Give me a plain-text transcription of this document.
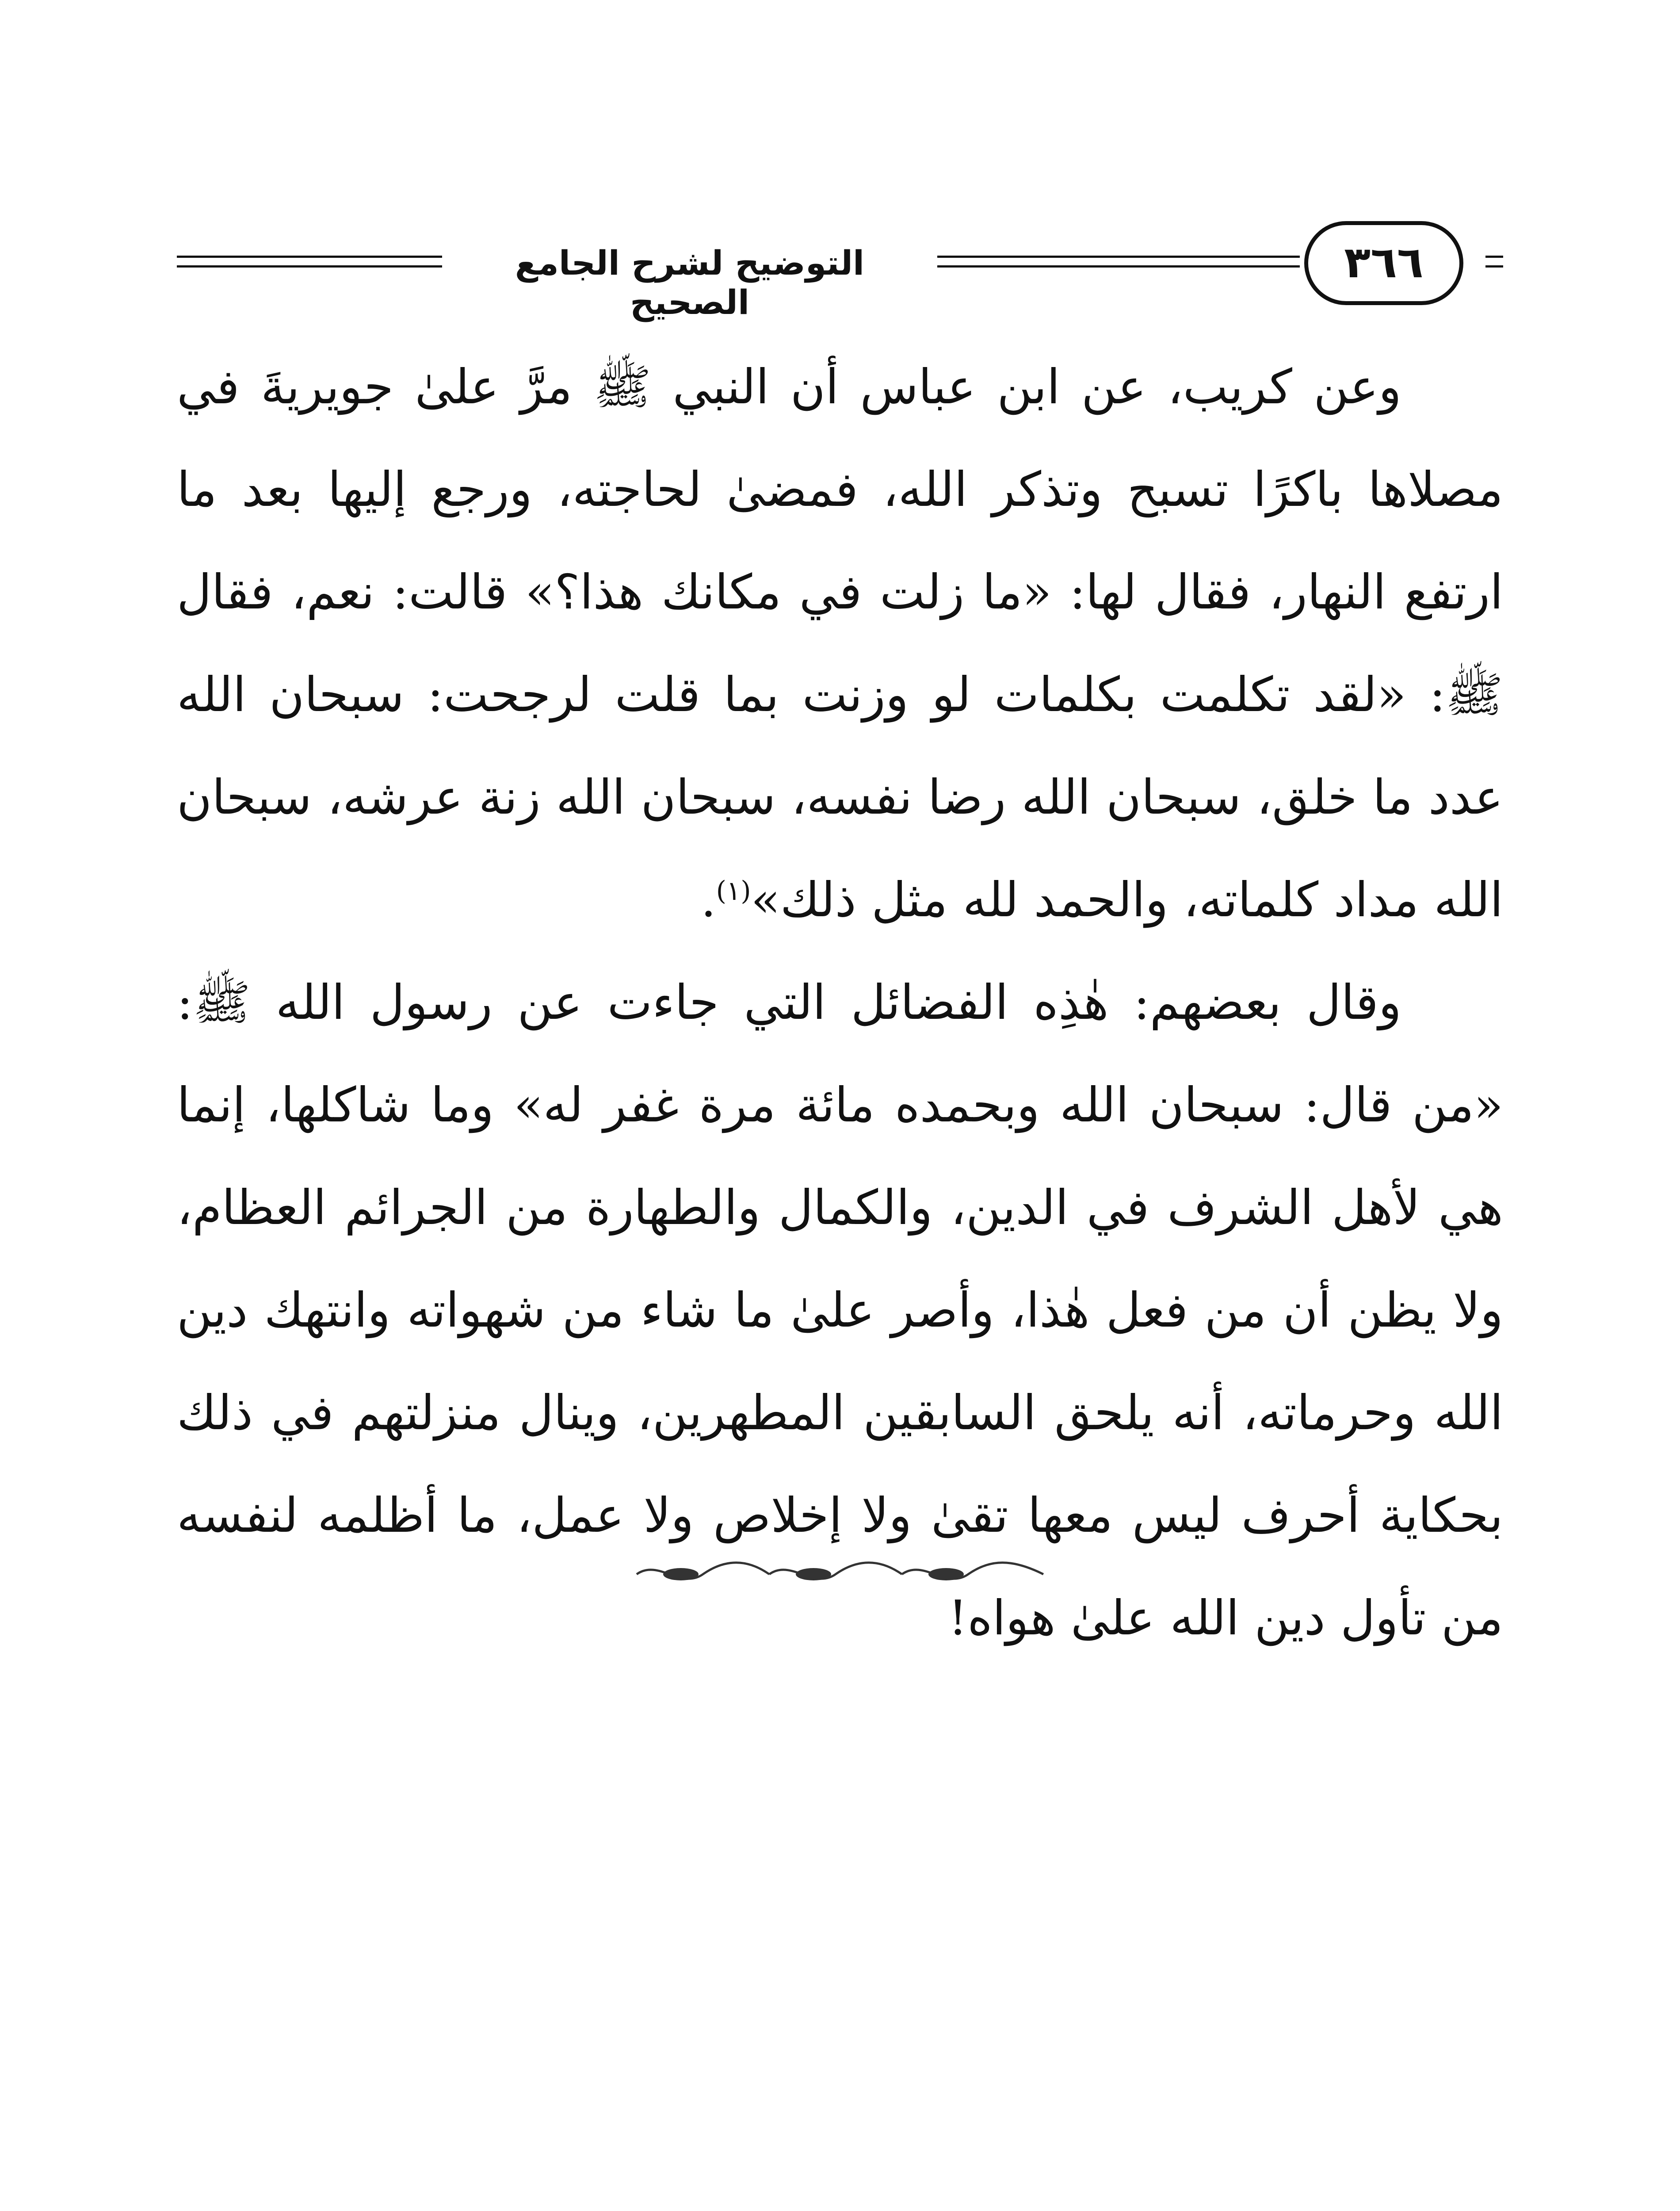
التوضيح لشرح الجامع الصحيح
٣٦٦

وعن كريب، عن ابن عباس أن النبي ﷺ مرَّ علىٰ جويريةَ في مصلاها باكرًا تسبح وتذكر الله، فمضىٰ لحاجته، ورجع إليها بعد ما ارتفع النهار، فقال لها: «ما زلت في مكانك هذا؟» قالت: نعم، فقال ﷺ: «لقد تكلمت بكلمات لو وزنت بما قلت لرجحت: سبحان الله عدد ما خلق، سبحان الله رضا نفسه، سبحان الله زنة عرشه، سبحان الله مداد كلماته، والحمد لله مثل ذلك»$^{(١)}$.

وقال بعضهم: هٰذِه الفضائل التي جاءت عن رسول الله ﷺ: «من قال: سبحان الله وبحمده مائة مرة غفر له» وما شاكلها، إنما هي لأهل الشرف في الدين، والكمال والطهارة من الجرائم العظام، ولا يظن أن من فعل هٰذا، وأصر علىٰ ما شاء من شهواته وانتهك دين الله وحرماته، أنه يلحق السابقين المطهرين، وينال منزلتهم في ذلك بحكاية أحرف ليس معها تقىٰ ولا إخلاص ولا عمل، ما أظلمه لنفسه من تأول دين الله علىٰ هواه!
